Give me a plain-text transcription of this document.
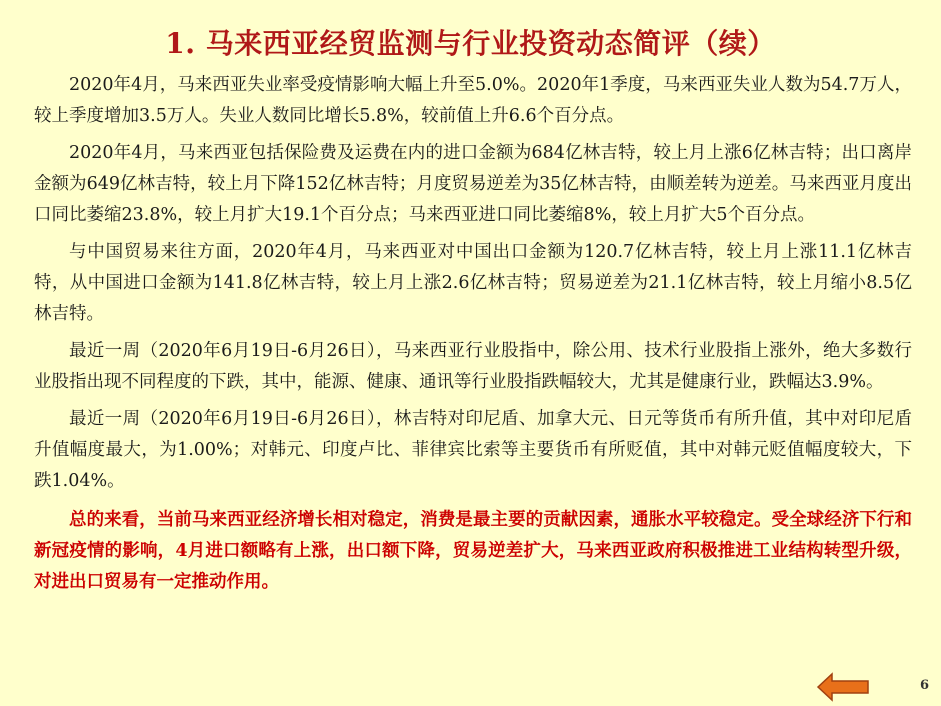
1. 马来西亚经贸监测与行业投资动态简评（续）

2020年4月，马来西亚失业率受疫情影响大幅上升至5.0%。2020年1季度，马来西亚失业人数为54.7万人，较上季度增加3.5万人。失业人数同比增长5.8%，较前值上升6.6个百分点。

2020年4月，马来西亚包括保险费及运费在内的进口金额为684亿林吉特，较上月上涨6亿林吉特；出口离岸金额为649亿林吉特，较上月下降152亿林吉特；月度贸易逆差为35亿林吉特，由顺差转为逆差。马来西亚月度出口同比萎缩23.8%，较上月扩大19.1个百分点；马来西亚进口同比萎缩8%，较上月扩大5个百分点。

与中国贸易来往方面，2020年4月，马来西亚对中国出口金额为120.7亿林吉特，较上月上涨11.1亿林吉特，从中国进口金额为141.8亿林吉特，较上月上涨2.6亿林吉特；贸易逆差为21.1亿林吉特，较上月缩小8.5亿林吉特。

最近一周（2020年6月19日-6月26日），马来西亚行业股指中，除公用、技术行业股指上涨外，绝大多数行业股指出现不同程度的下跌，其中，能源、健康、通讯等行业股指跌幅较大，尤其是健康行业，跌幅达3.9%。

最近一周（2020年6月19日-6月26日），林吉特对印尼盾、加拿大元、日元等货币有所升值，其中对印尼盾升值幅度最大，为1.00%；对韩元、印度卢比、菲律宾比索等主要货币有所贬值，其中对韩元贬值幅度较大，下跌1.04%。

总的来看，当前马来西亚经济增长相对稳定，消费是最主要的贡献因素，通胀水平较稳定。受全球经济下行和新冠疫情的影响，4月进口额略有上涨，出口额下降，贸易逆差扩大，马来西亚政府积极推进工业结构转型升级，对进出口贸易有一定推动作用。

6
